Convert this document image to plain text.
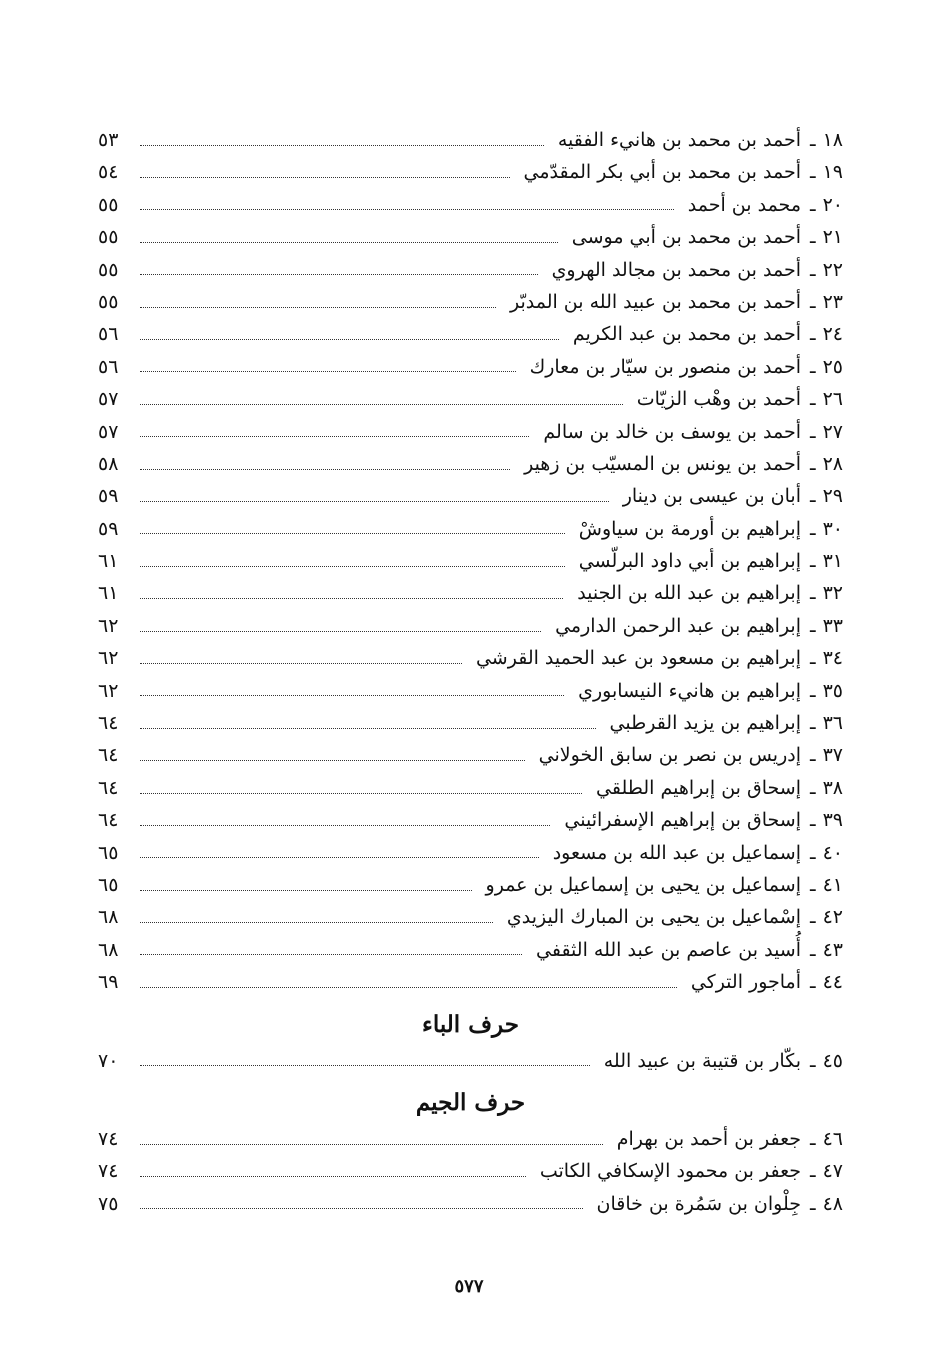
١٨
ـ
أحمد بن محمد بن هانيء الفقيه
٥٣
١٩
ـ
أحمد بن محمد بن أبي بكر المقدّمي
٥٤
٢٠
ـ
محمد بن أحمد
٥٥
٢١
ـ
أحمد بن محمد بن أبي موسى
٥٥
٢٢
ـ
أحمد بن محمد بن مجالد الهروي
٥٥
٢٣
ـ
أحمد بن محمد بن عبيد الله بن المدبّر
٥٥
٢٤
ـ
أحمد بن محمد بن عبد الكريم
٥٦
٢٥
ـ
أحمد بن منصور بن سيّار بن معارك
٥٦
٢٦
ـ
أحمد بن وهْب الزيّات
٥٧
٢٧
ـ
أحمد بن يوسف بن خالد بن سالم
٥٧
٢٨
ـ
أحمد بن يونس بن المسيّب بن زهير
٥٨
٢٩
ـ
أبان بن عيسى بن دينار
٥٩
٣٠
ـ
إبراهيم بن أورمة بن سياوشْ
٥٩
٣١
ـ
إبراهيم بن أبي داود البرلّسي
٦١
٣٢
ـ
إبراهيم بن عبد الله بن الجنيد
٦١
٣٣
ـ
إبراهيم بن عبد الرحمن الدارمي
٦٢
٣٤
ـ
إبراهيم بن مسعود بن عبد الحميد القرشي
٦٢
٣٥
ـ
إبراهيم بن هانيء النيسابوري
٦٢
٣٦
ـ
إبراهيم بن يزيد القرطبي
٦٤
٣٧
ـ
إدريس بن نصر بن سابق الخولاني
٦٤
٣٨
ـ
إسحاق بن إبراهيم الطلقي
٦٤
٣٩
ـ
إسحاق بن إبراهيم الإسفرائيني
٦٤
٤٠
ـ
إسماعيل بن عبد الله بن مسعود
٦٥
٤١
ـ
إسماعيل بن يحيى بن إسماعيل بن عمرو
٦٥
٤٢
ـ
إسْماعيل بن يحيى بن المبارك اليزيدي
٦٨
٤٣
ـ
أُسيد بن عاصم بن عبد الله الثقفي
٦٨
٤٤
ـ
أماجور التركي
٦٩
حرف الباء
٤٥
ـ
بكّار بن قتيبة بن عبيد الله
٧٠
حرف الجيم
٤٦
ـ
جعفر بن أحمد بن بهرام
٧٤
٤٧
ـ
جعفر بن محمود الإسكافي الكاتب
٧٤
٤٨
ـ
جِلْوان بن سَمُرة بن خاقان
٧٥
٥٧٧
